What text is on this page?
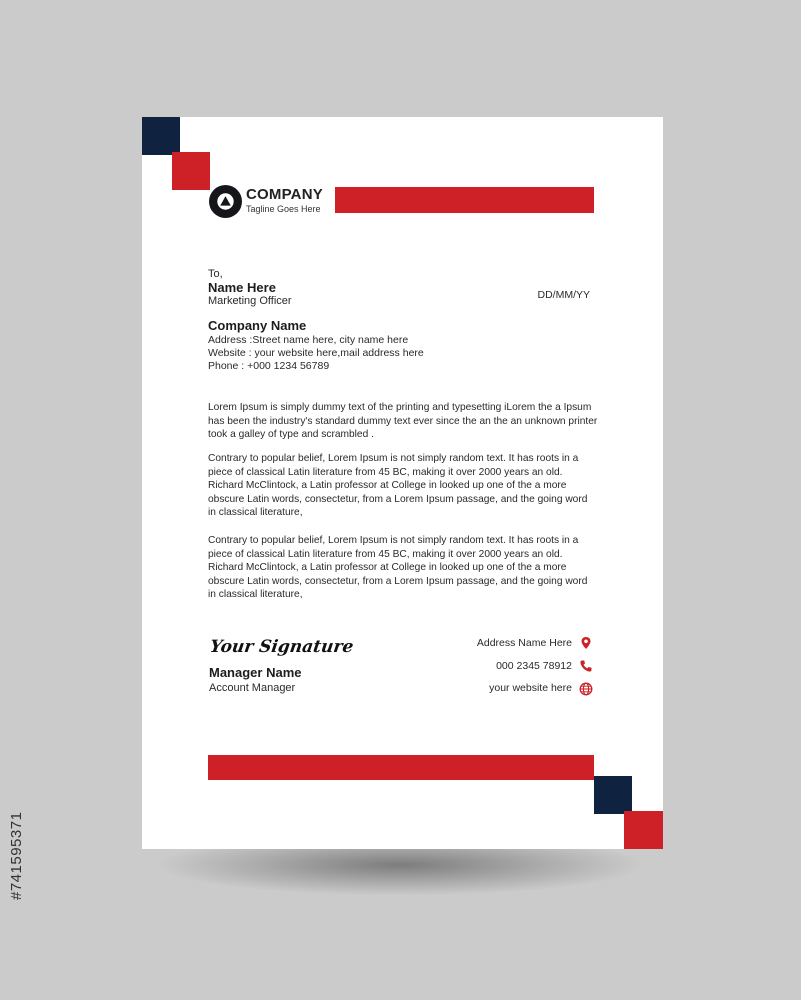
COMPANY
Tagline Goes Here
To,
Name Here
Marketing Officer	DD/MM/YY
Company Name
Address :Street name here, city name here
Website : your website here,mail address here
Phone : +000 1234 56789

Lorem Ipsum is simply dummy text of the printing and typesetting iLorem the a Ipsum has been the industry's standard dummy text ever since the an the an unknown printer took a galley of type and scrambled .

Contrary to popular belief, Lorem Ipsum is not simply random text. It has roots in a piece of classical Latin literature from 45 BC, making it over 2000 years an old. Richard McClintock, a Latin professor at College in looked up one of the a more obscure Latin words, consectetur, from a Lorem Ipsum passage, and the going word in classical literature,

Contrary to popular belief, Lorem Ipsum is not simply random text. It has roots in a piece of classical Latin literature from 45 BC, making it over 2000 years an old. Richard McClintock, a Latin professor at College in looked up one of the a more obscure Latin words, consectetur, from a Lorem Ipsum passage, and the going word in classical literature,

Your Signature
Manager Name
Account Manager
Address Name Here
000 2345 78912
your website here
#741595371
